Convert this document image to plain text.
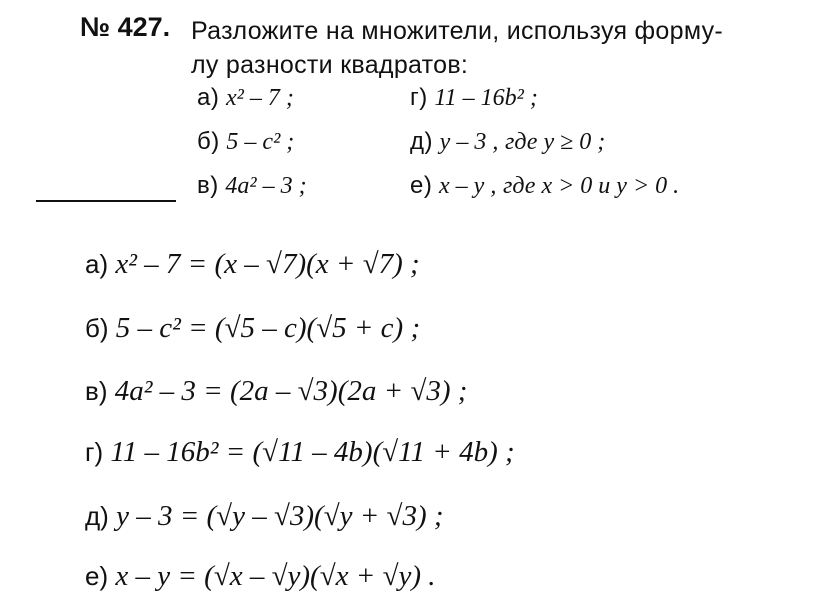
№ 427. Разложите на множители, используя форму-
лу разности квадратов:
а) x² – 7 ;
б) 5 – c² ;
в) 4a² – 3 ;
г) 11 – 16b² ;
д) y – 3 , где y ≥ 0 ;
е) x – y , где x > 0 и y > 0 .
а) x² – 7 = (x – √7)(x + √7) ;
б) 5 – c² = (√5 – c)(√5 + c) ;
в) 4a² – 3 = (2a – √3)(2a + √3) ;
г) 11 – 16b² = (√11 – 4b)(√11 + 4b) ;
д) y – 3 = (√y – √3)(√y + √3) ;
е) x – y = (√x – √y)(√x + √y) .
